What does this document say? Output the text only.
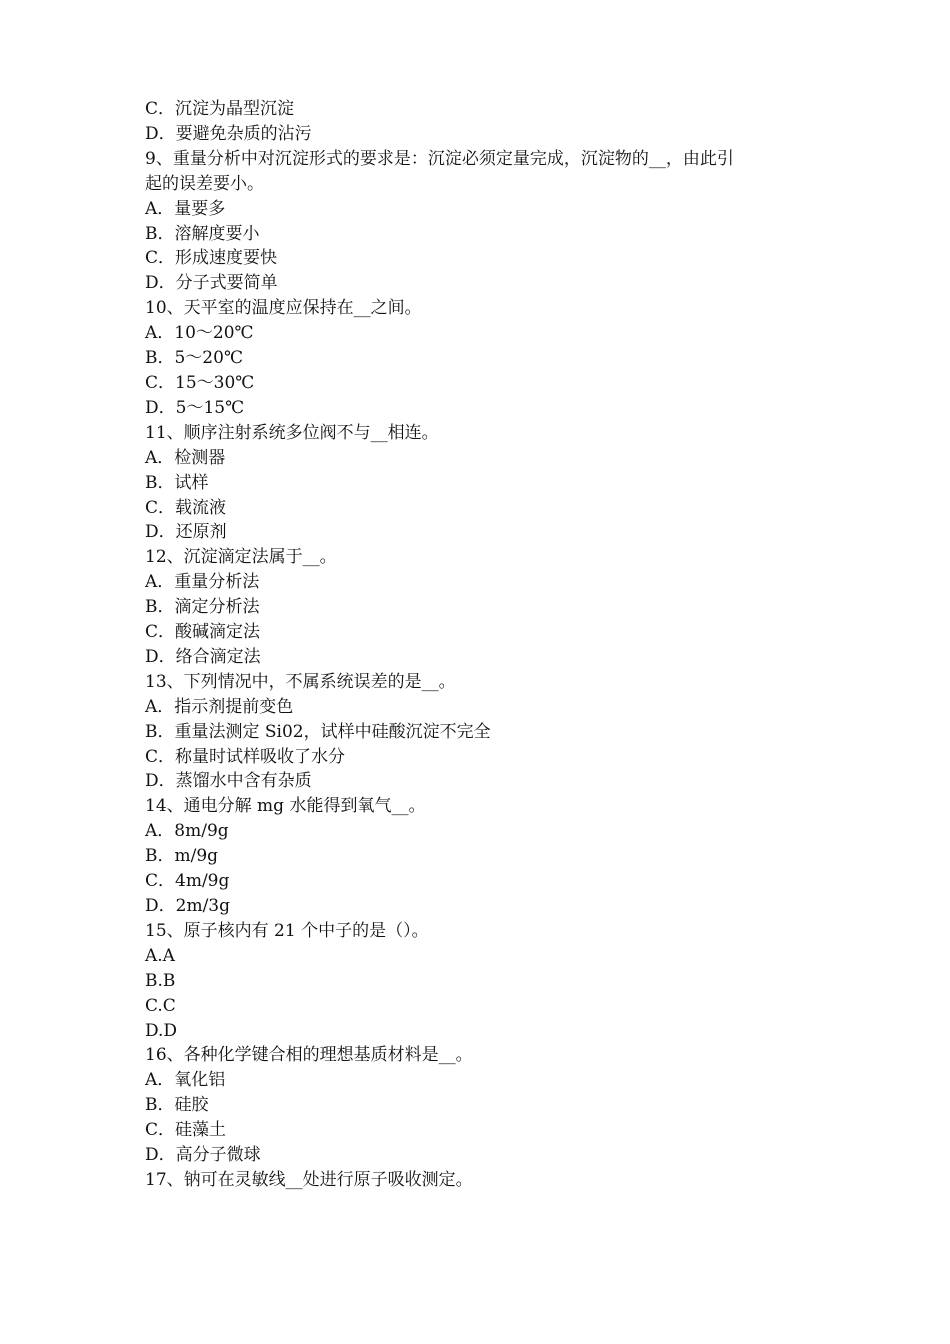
C．沉淀为晶型沉淀

D．要避免杂质的沾污

9、重量分析中对沉淀形式的要求是：沉淀必须定量完成，沉淀物的__，由此引

起的误差要小。

A．量要多

B．溶解度要小

C．形成速度要快

D．分子式要简单

10、天平室的温度应保持在__之间。

A．10～20℃

B．5～20℃

C．15～30℃

D．5～15℃

11、顺序注射系统多位阀不与__相连。

A．检测器

B．试样

C．载流液

D．还原剂

12、沉淀滴定法属于__。

A．重量分析法

B．滴定分析法

C．酸碱滴定法

D．络合滴定法

13、下列情况中，不属系统误差的是__。

A．指示剂提前变色

B．重量法测定 Si02，试样中硅酸沉淀不完全

C．称量时试样吸收了水分

D．蒸馏水中含有杂质

14、通电分解 mg 水能得到氧气__。

A．8m/9g

B．m/9g

C．4m/9g

D．2m/3g

15、原子核内有 21 个中子的是（）。

A.A

B.B

C.C

D.D

16、各种化学键合相的理想基质材料是__。

A．氧化铝

B．硅胶

C．硅藻土

D．高分子微球

17、钠可在灵敏线__处进行原子吸收测定。
